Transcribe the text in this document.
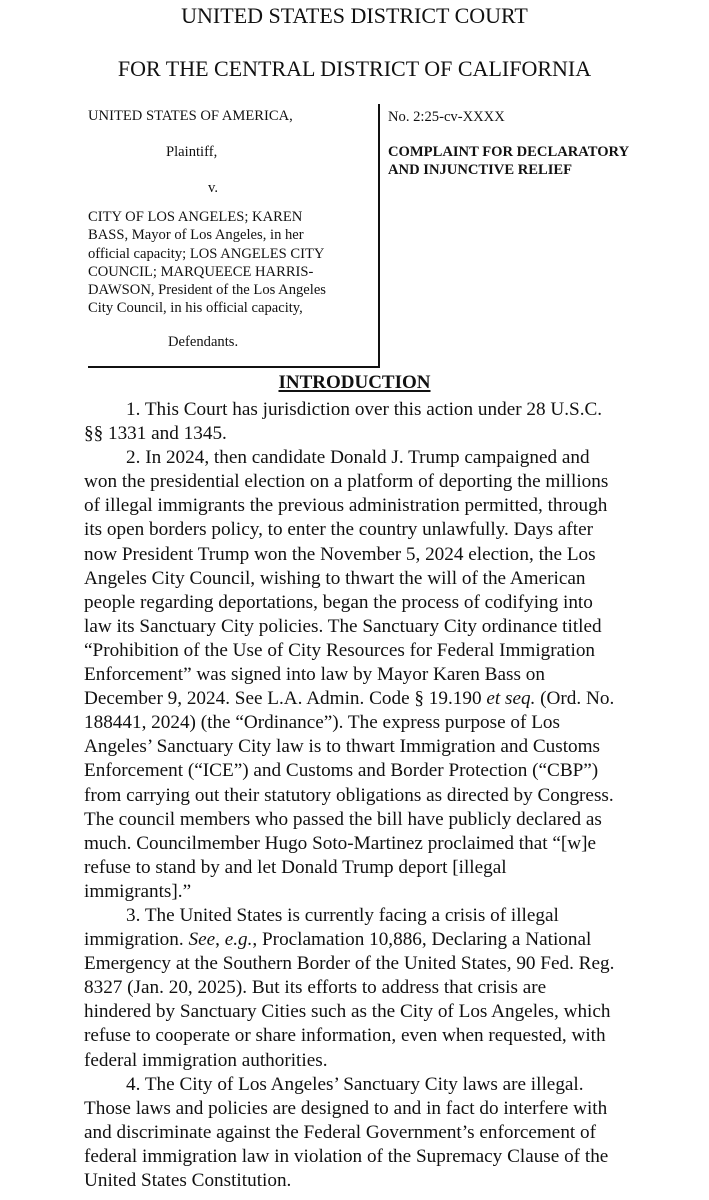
UNITED STATES DISTRICT COURT
FOR THE CENTRAL DISTRICT OF CALIFORNIA
UNITED STATES OF AMERICA,
Plaintiff,
v.
CITY OF LOS ANGELES; KAREN
BASS, Mayor of Los Angeles, in her
official capacity; LOS ANGELES CITY
COUNCIL; MARQUEECE HARRIS-
DAWSON, President of the Los Angeles
City Council, in his official capacity,
Defendants.
No. 2:25-cv-XXXX
COMPLAINT FOR DECLARATORY
AND INJUNCTIVE RELIEF
INTRODUCTION
1. This Court has jurisdiction over this action under 28 U.S.C.
§§ 1331 and 1345.
2. In 2024, then candidate Donald J. Trump campaigned and
won the presidential election on a platform of deporting the millions
of illegal immigrants the previous administration permitted, through
its open borders policy, to enter the country unlawfully. Days after
now President Trump won the November 5, 2024 election, the Los
Angeles City Council, wishing to thwart the will of the American
people regarding deportations, began the process of codifying into
law its Sanctuary City policies. The Sanctuary City ordinance titled
“Prohibition of the Use of City Resources for Federal Immigration
Enforcement” was signed into law by Mayor Karen Bass on
December 9, 2024. See L.A. Admin. Code § 19.190 et seq. (Ord. No.
188441, 2024) (the “Ordinance”). The express purpose of Los
Angeles’ Sanctuary City law is to thwart Immigration and Customs
Enforcement (“ICE”) and Customs and Border Protection (“CBP”)
from carrying out their statutory obligations as directed by Congress.
The council members who passed the bill have publicly declared as
much. Councilmember Hugo Soto-Martinez proclaimed that “[w]e
refuse to stand by and let Donald Trump deport [illegal
immigrants].”
3. The United States is currently facing a crisis of illegal
immigration. See, e.g., Proclamation 10,886, Declaring a National
Emergency at the Southern Border of the United States, 90 Fed. Reg.
8327 (Jan. 20, 2025). But its efforts to address that crisis are
hindered by Sanctuary Cities such as the City of Los Angeles, which
refuse to cooperate or share information, even when requested, with
federal immigration authorities.
4. The City of Los Angeles’ Sanctuary City laws are illegal.
Those laws and policies are designed to and in fact do interfere with
and discriminate against the Federal Government’s enforcement of
federal immigration law in violation of the Supremacy Clause of the
United States Constitution.
